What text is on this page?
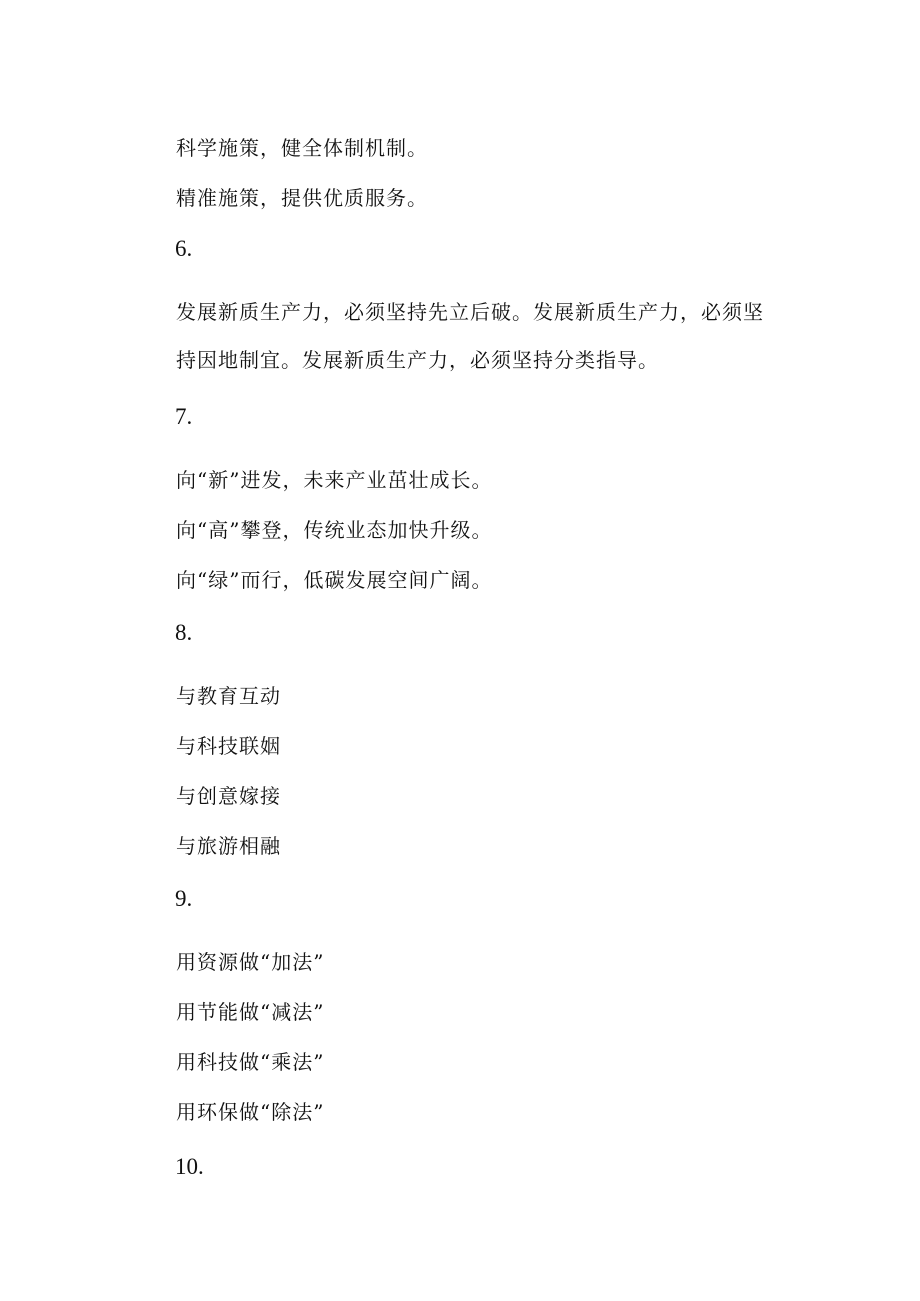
科学施策，健全体制机制。
精准施策，提供优质服务。
6.
发展新质生产力，必须坚持先立后破。发展新质生产力，必须坚持因地制宜。发展新质生产力，必须坚持分类指导。
7.
向“新”进发，未来产业茁壮成长。
向“高”攀登，传统业态加快升级。
向“绿”而行，低碳发展空间广阔。
8.
与教育互动
与科技联姻
与创意嫁接
与旅游相融
9.
用资源做“加法”
用节能做“减法”
用科技做“乘法”
用环保做“除法”
10.
